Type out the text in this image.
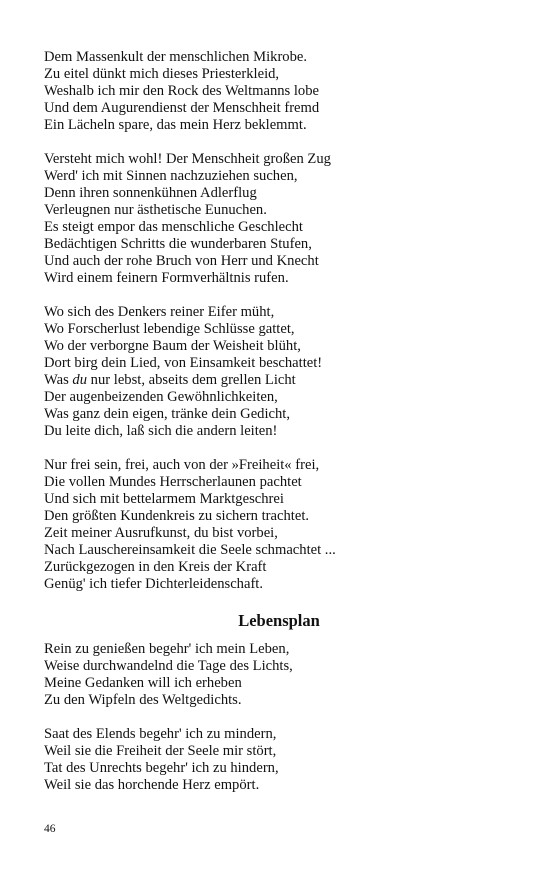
Dem Massenkult der menschlichen Mikrobe.
Zu eitel dünkt mich dieses Priesterkleid,
Weshalb ich mir den Rock des Weltmanns lobe
Und dem Augurendienst der Menschheit fremd
Ein Lächeln spare, das mein Herz beklemmt.
Versteht mich wohl! Der Menschheit großen Zug
Werd' ich mit Sinnen nachzuziehen suchen,
Denn ihren sonnenkühnen Adlerflug
Verleugnen nur ästhetische Eunuchen.
Es steigt empor das menschliche Geschlecht
Bedächtigen Schritts die wunderbaren Stufen,
Und auch der rohe Bruch von Herr und Knecht
Wird einem feinern Formverhältnis rufen.
Wo sich des Denkers reiner Eifer müht,
Wo Forscherlust lebendige Schlüsse gattet,
Wo der verborgne Baum der Weisheit blüht,
Dort birg dein Lied, von Einsamkeit beschattet!
Was du nur lebst, abseits dem grellen Licht
Der augenbeizenden Gewöhnlichkeiten,
Was ganz dein eigen, tränke dein Gedicht,
Du leite dich, laß sich die andern leiten!
Nur frei sein, frei, auch von der »Freiheit« frei,
Die vollen Mundes Herrscherlaunen pachtet
Und sich mit bettelarmem Marktgeschrei
Den größten Kundenkreis zu sichern trachtet.
Zeit meiner Ausrufkunst, du bist vorbei,
Nach Lauschereinsamkeit die Seele schmachtet ...
Zurückgezogen in den Kreis der Kraft
Genüg' ich tiefer Dichterleidenschaft.
Lebensplan
Rein zu genießen begehr' ich mein Leben,
Weise durchwandelnd die Tage des Lichts,
Meine Gedanken will ich erheben
Zu den Wipfeln des Weltgedichts.
Saat des Elends begehr' ich zu mindern,
Weil sie die Freiheit der Seele mir stört,
Tat des Unrechts begehr' ich zu hindern,
Weil sie das horchende Herz empört.
46
